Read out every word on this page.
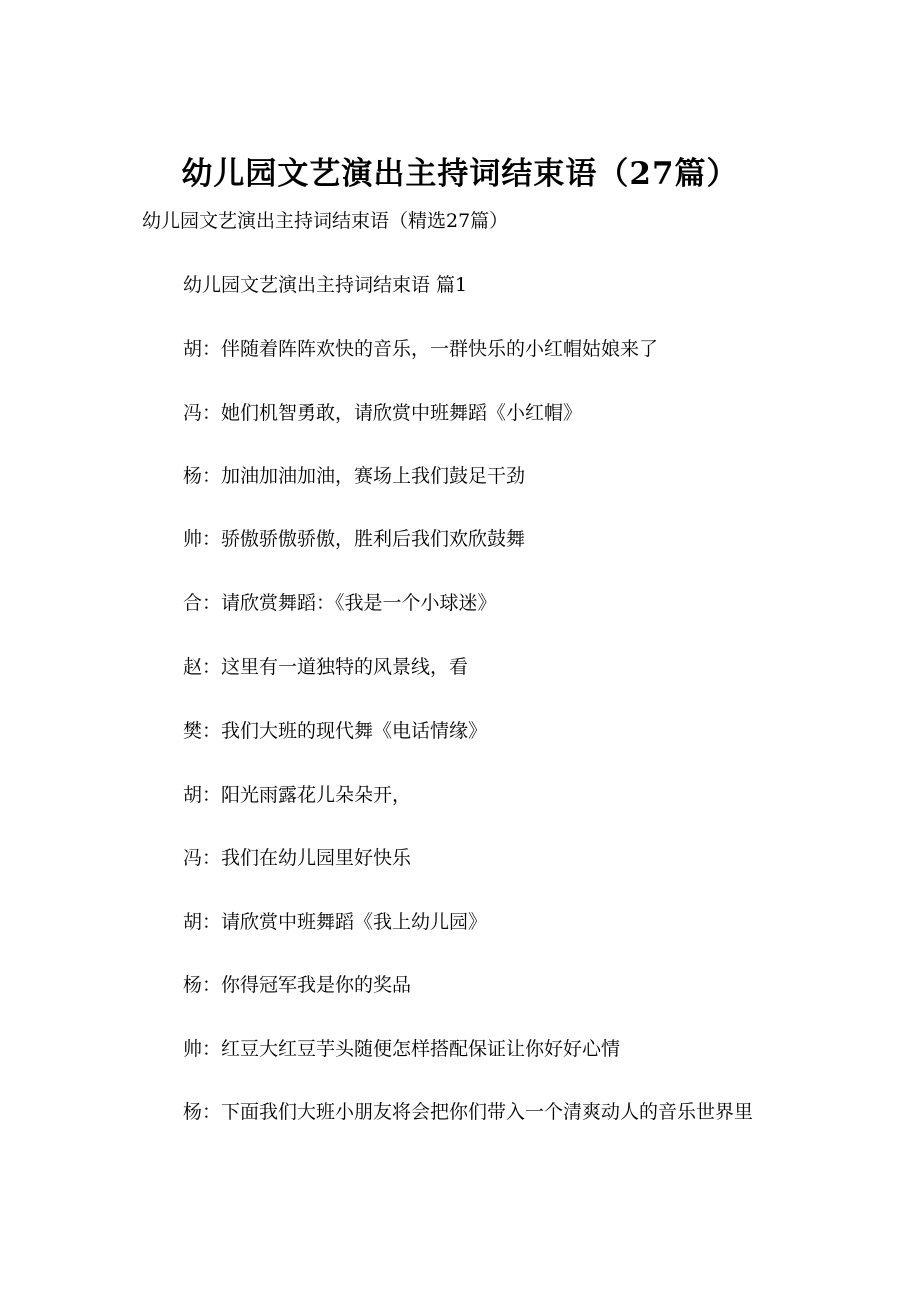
幼儿园文艺演出主持词结束语（27篇）
幼儿园文艺演出主持词结束语（精选27篇）
幼儿园文艺演出主持词结束语 篇1
胡：伴随着阵阵欢快的音乐，一群快乐的小红帽姑娘来了
冯：她们机智勇敢，请欣赏中班舞蹈《小红帽》
杨：加油加油加油，赛场上我们鼓足干劲
帅：骄傲骄傲骄傲，胜利后我们欢欣鼓舞
合：请欣赏舞蹈：《我是一个小球迷》
赵：这里有一道独特的风景线，看
樊：我们大班的现代舞《电话情缘》
胡：阳光雨露花儿朵朵开，
冯：我们在幼儿园里好快乐
胡：请欣赏中班舞蹈《我上幼儿园》
杨：你得冠军我是你的奖品
帅：红豆大红豆芋头随便怎样搭配保证让你好好心情
杨：下面我们大班小朋友将会把你们带入一个清爽动人的音乐世界里
